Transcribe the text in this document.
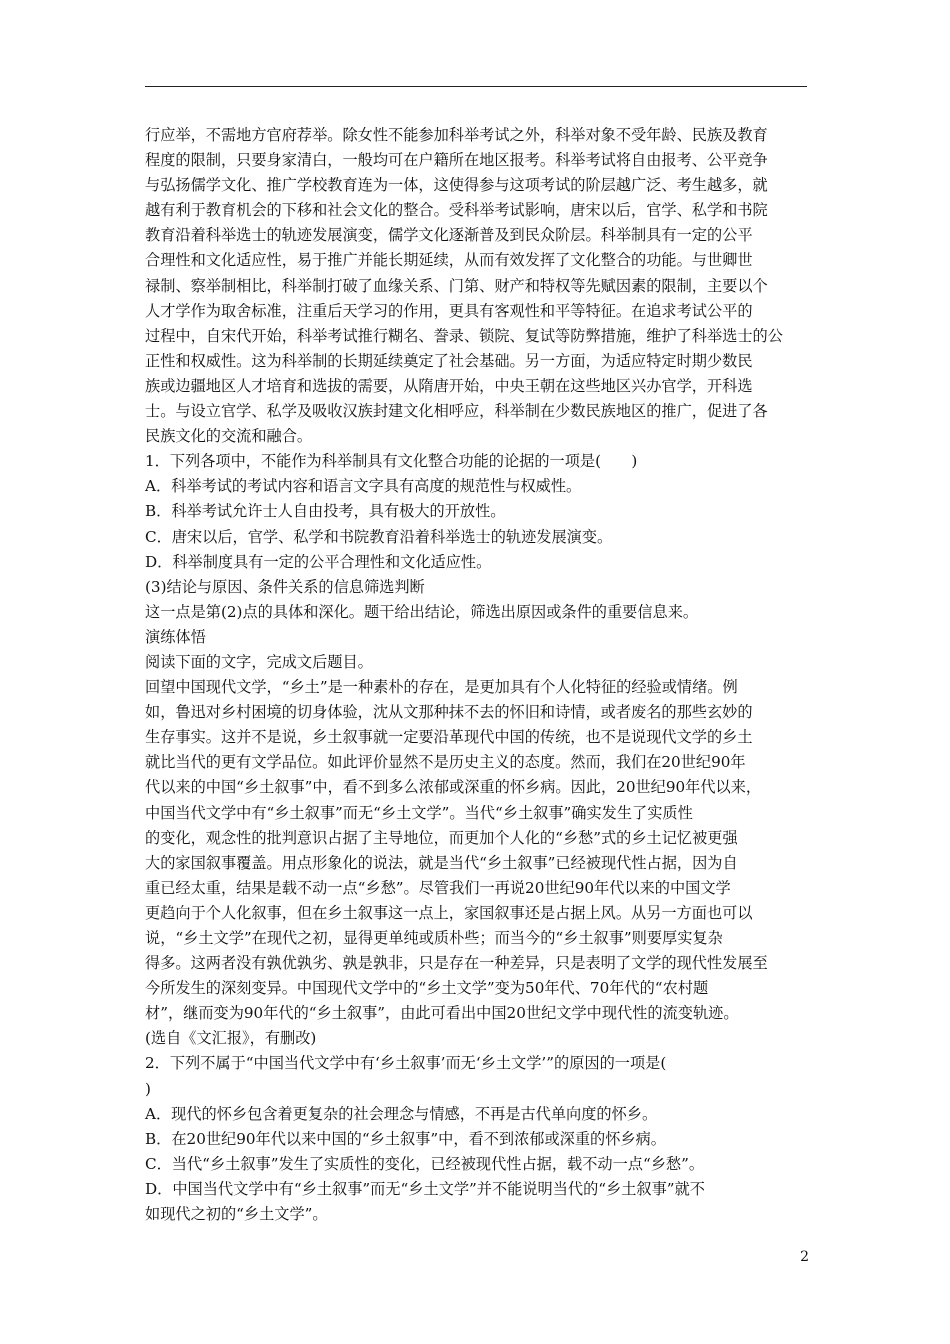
行应举，不需地方官府荐举。除女性不能参加科举考试之外，科举对象不受年龄、民族及教育
程度的限制，只要身家清白，一般均可在户籍所在地区报考。科举考试将自由报考、公平竞争
与弘扬儒学文化、推广学校教育连为一体，这使得参与这项考试的阶层越广泛、考生越多，就
越有利于教育机会的下移和社会文化的整合。受科举考试影响，唐宋以后，官学、私学和书院
教育沿着科举选士的轨迹发展演变，儒学文化逐渐普及到民众阶层。科举制具有一定的公平
合理性和文化适应性，易于推广并能长期延续，从而有效发挥了文化整合的功能。与世卿世
禄制、察举制相比，科举制打破了血缘关系、门第、财产和特权等先赋因素的限制，主要以个
人才学作为取舍标准，注重后天学习的作用，更具有客观性和平等特征。在追求考试公平的
过程中，自宋代开始，科举考试推行糊名、誊录、锁院、复试等防弊措施，维护了科举选士的公
正性和权威性。这为科举制的长期延续奠定了社会基础。另一方面，为适应特定时期少数民
族或边疆地区人才培育和选拔的需要，从隋唐开始，中央王朝在这些地区兴办官学，开科选
士。与设立官学、私学及吸收汉族封建文化相呼应，科举制在少数民族地区的推广，促进了各
民族文化的交流和融合。
1．下列各项中，不能作为科举制具有文化整合功能的论据的一项是(　　)
A．科举考试的考试内容和语言文字具有高度的规范性与权威性。
B．科举考试允许士人自由投考，具有极大的开放性。
C．唐宋以后，官学、私学和书院教育沿着科举选士的轨迹发展演变。
D．科举制度具有一定的公平合理性和文化适应性。
(3)结论与原因、条件关系的信息筛选判断
这一点是第(2)点的具体和深化。题干给出结论，筛选出原因或条件的重要信息来。
演练体悟
阅读下面的文字，完成文后题目。
回望中国现代文学，“乡土”是一种素朴的存在，是更加具有个人化特征的经验或情绪。例
如，鲁迅对乡村困境的切身体验，沈从文那种抹不去的怀旧和诗情，或者废名的那些玄妙的
生存事实。这并不是说，乡土叙事就一定要沿革现代中国的传统，也不是说现代文学的乡土
就比当代的更有文学品位。如此评价显然不是历史主义的态度。然而，我们在20世纪90年
代以来的中国“乡土叙事”中，看不到多么浓郁或深重的怀乡病。因此，20世纪90年代以来，
中国当代文学中有“乡土叙事”而无“乡土文学”。当代“乡土叙事”确实发生了实质性
的变化，观念性的批判意识占据了主导地位，而更加个人化的“乡愁”式的乡土记忆被更强
大的家国叙事覆盖。用点形象化的说法，就是当代“乡土叙事”已经被现代性占据，因为自
重已经太重，结果是载不动一点“乡愁”。尽管我们一再说20世纪90年代以来的中国文学
更趋向于个人化叙事，但在乡土叙事这一点上，家国叙事还是占据上风。从另一方面也可以
说，“乡土文学”在现代之初，显得更单纯或质朴些；而当今的“乡土叙事”则要厚实复杂
得多。这两者没有孰优孰劣、孰是孰非，只是存在一种差异，只是表明了文学的现代性发展至
今所发生的深刻变异。中国现代文学中的“乡土文学”变为50年代、70年代的“农村题
材”，继而变为90年代的“乡土叙事”，由此可看出中国20世纪文学中现代性的流变轨迹。
(选自《文汇报》，有删改)
2．下列不属于“中国当代文学中有‘乡土叙事’而无‘乡土文学’”的原因的一项是(
)
A．现代的怀乡包含着更复杂的社会理念与情感，不再是古代单向度的怀乡。
B．在20世纪90年代以来中国的“乡土叙事”中，看不到浓郁或深重的怀乡病。
C．当代“乡土叙事”发生了实质性的变化，已经被现代性占据，载不动一点“乡愁”。
D．中国当代文学中有“乡土叙事”而无“乡土文学”并不能说明当代的“乡土叙事”就不
如现代之初的“乡土文学”。
2
